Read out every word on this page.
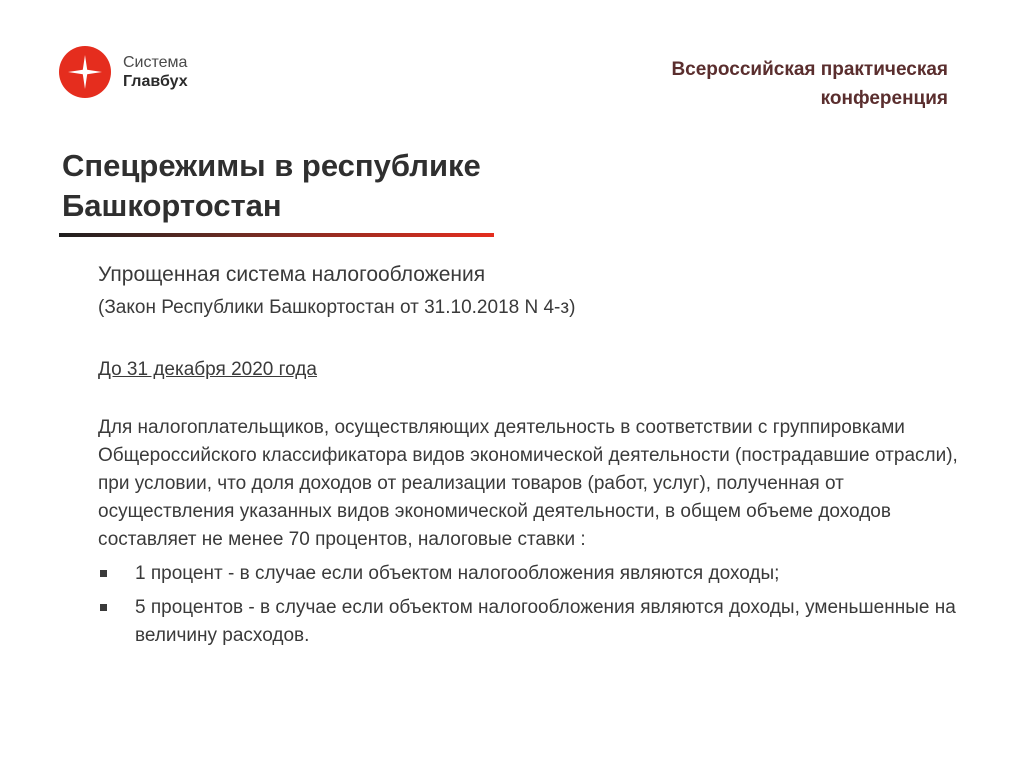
Система
Главбух
Всероссийская практическая
конференция
Спецрежимы в республике
Башкортостан
Упрощенная система налогообложения
(Закон Республики Башкортостан от 31.10.2018 N 4-з)
До 31 декабря 2020 года
Для налогоплательщиков, осуществляющих деятельность в соответствии с группировками Общероссийского классификатора видов экономической деятельности (пострадавшие отрасли), при условии, что доля доходов от реализации товаров (работ, услуг), полученная от осуществления указанных видов экономической деятельности, в общем объеме доходов составляет не менее 70 процентов, налоговые ставки :
1 процент - в случае если объектом налогообложения являются доходы;
5 процентов - в случае если объектом налогообложения являются доходы, уменьшенные на величину расходов.
